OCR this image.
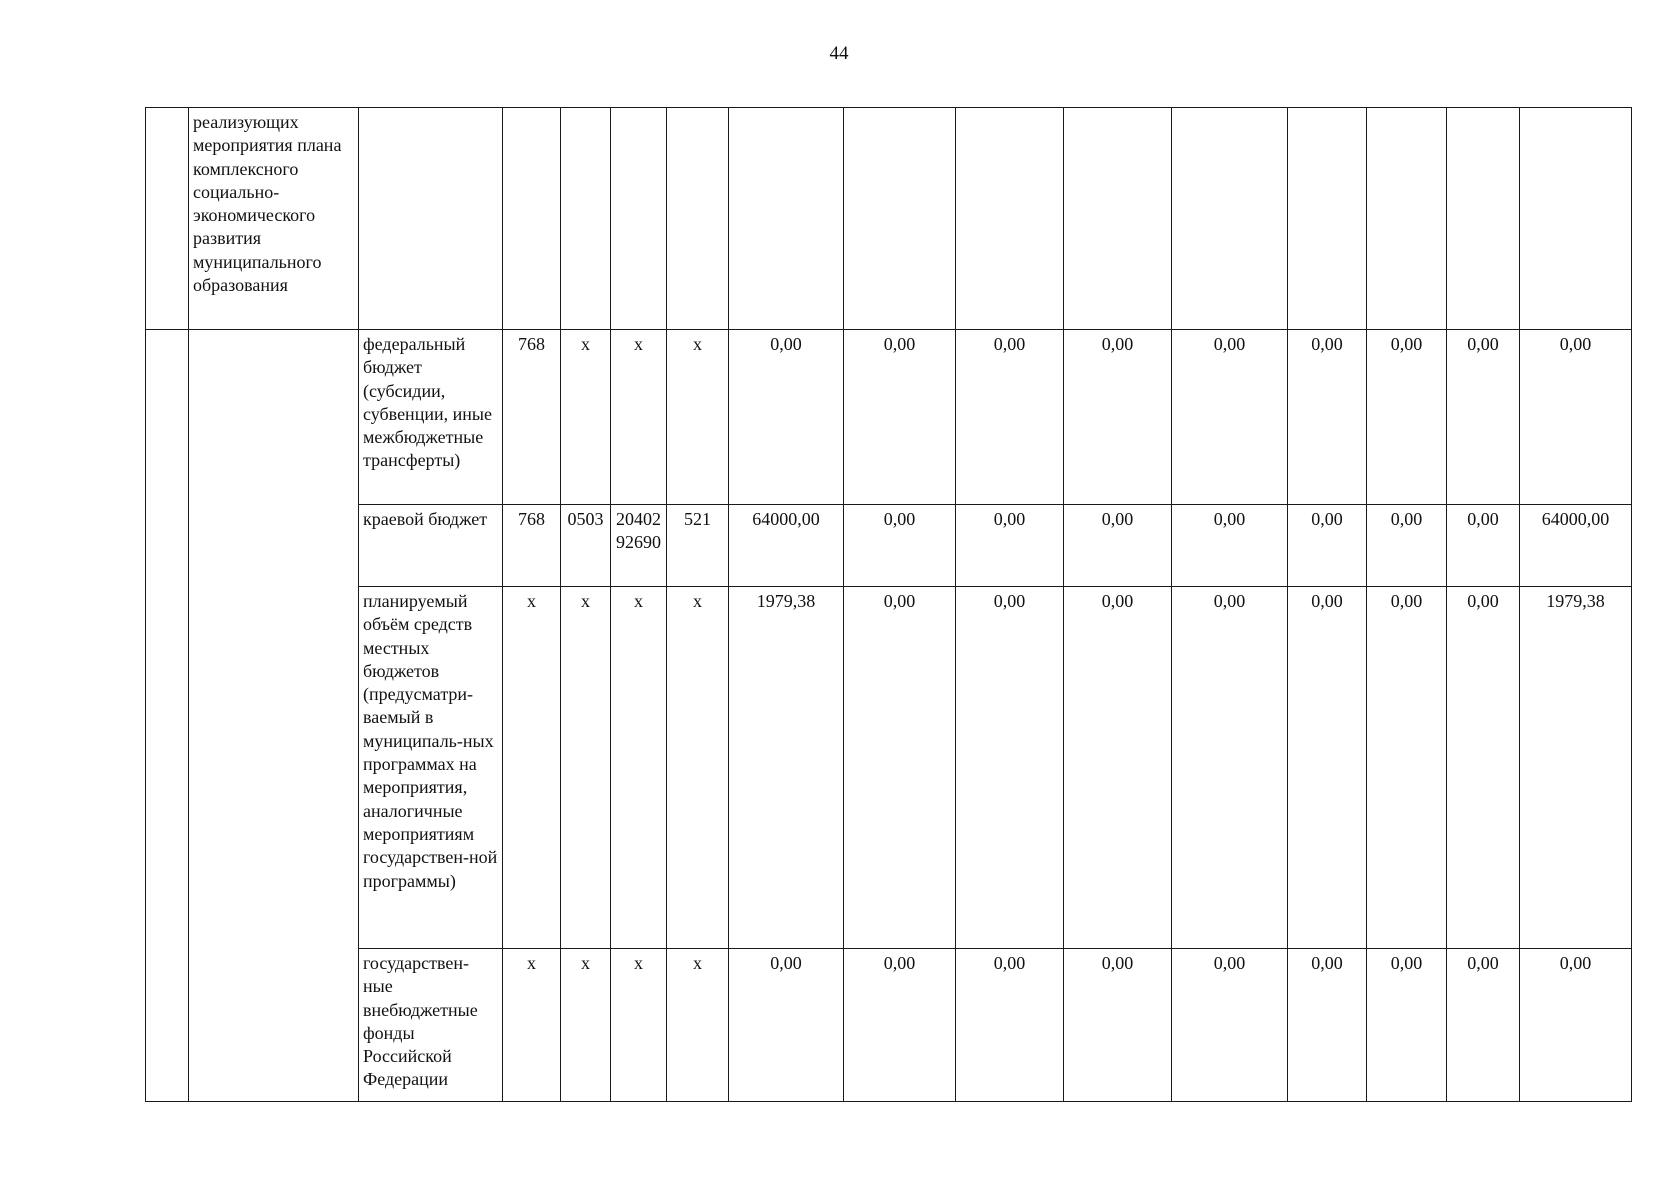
44
	реализующих мероприятия плана комплексного социально-экономического развития муниципального образования														
		федеральный бюджет (субсидии, субвенции, иные межбюджетные трансферты)	768	x	x	x	0,00	0,00	0,00	0,00	0,00	0,00	0,00	0,00	0,00
		краевой бюджет	768	0503	2040292690	521	64000,00	0,00	0,00	0,00	0,00	0,00	0,00	0,00	64000,00
		планируемый объём средств местных бюджетов (предусматри-ваемый в муниципаль-ных программах на мероприятия, аналогичные мероприятиям государствен-ной программы)	x	x	x	x	1979,38	0,00	0,00	0,00	0,00	0,00	0,00	0,00	1979,38
		государствен-ные внебюджетные фонды Российской Федерации	x	x	x	x	0,00	0,00	0,00	0,00	0,00	0,00	0,00	0,00	0,00
